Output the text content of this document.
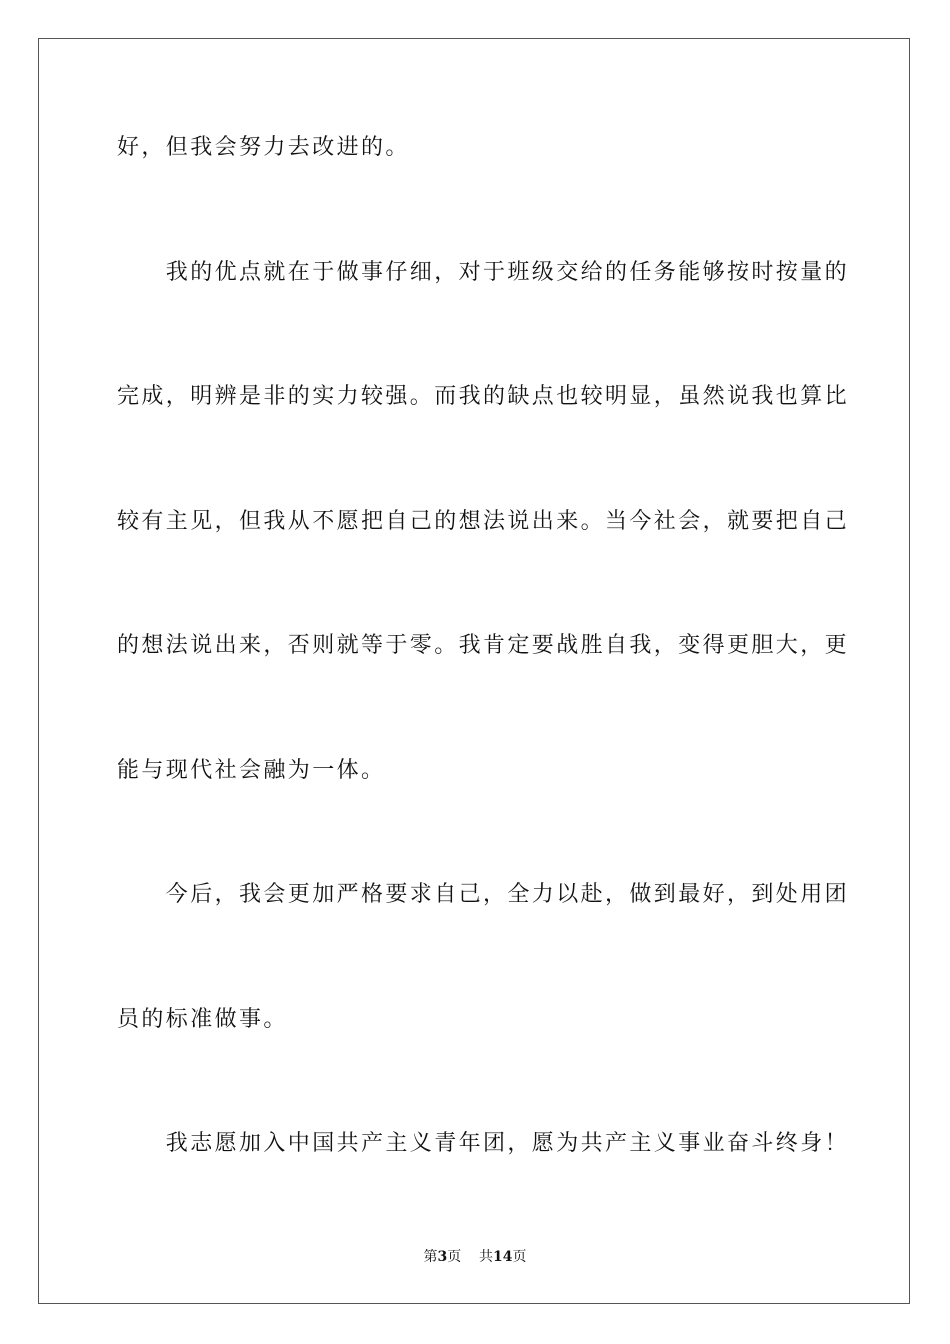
好，但我会努力去改进的。
　　我的优点就在于做事仔细，对于班级交给的任务能够按时按量的
完成，明辨是非的实力较强。而我的缺点也较明显，虽然说我也算比
较有主见，但我从不愿把自己的想法说出来。当今社会，就要把自己
的想法说出来，否则就等于零。我肯定要战胜自我，变得更胆大，更
能与现代社会融为一体。
　　今后，我会更加严格要求自己，全力以赴，做到最好，到处用团
员的标准做事。
　　我志愿加入中国共产主义青年团，愿为共产主义事业奋斗终身！
第3页 共14页
